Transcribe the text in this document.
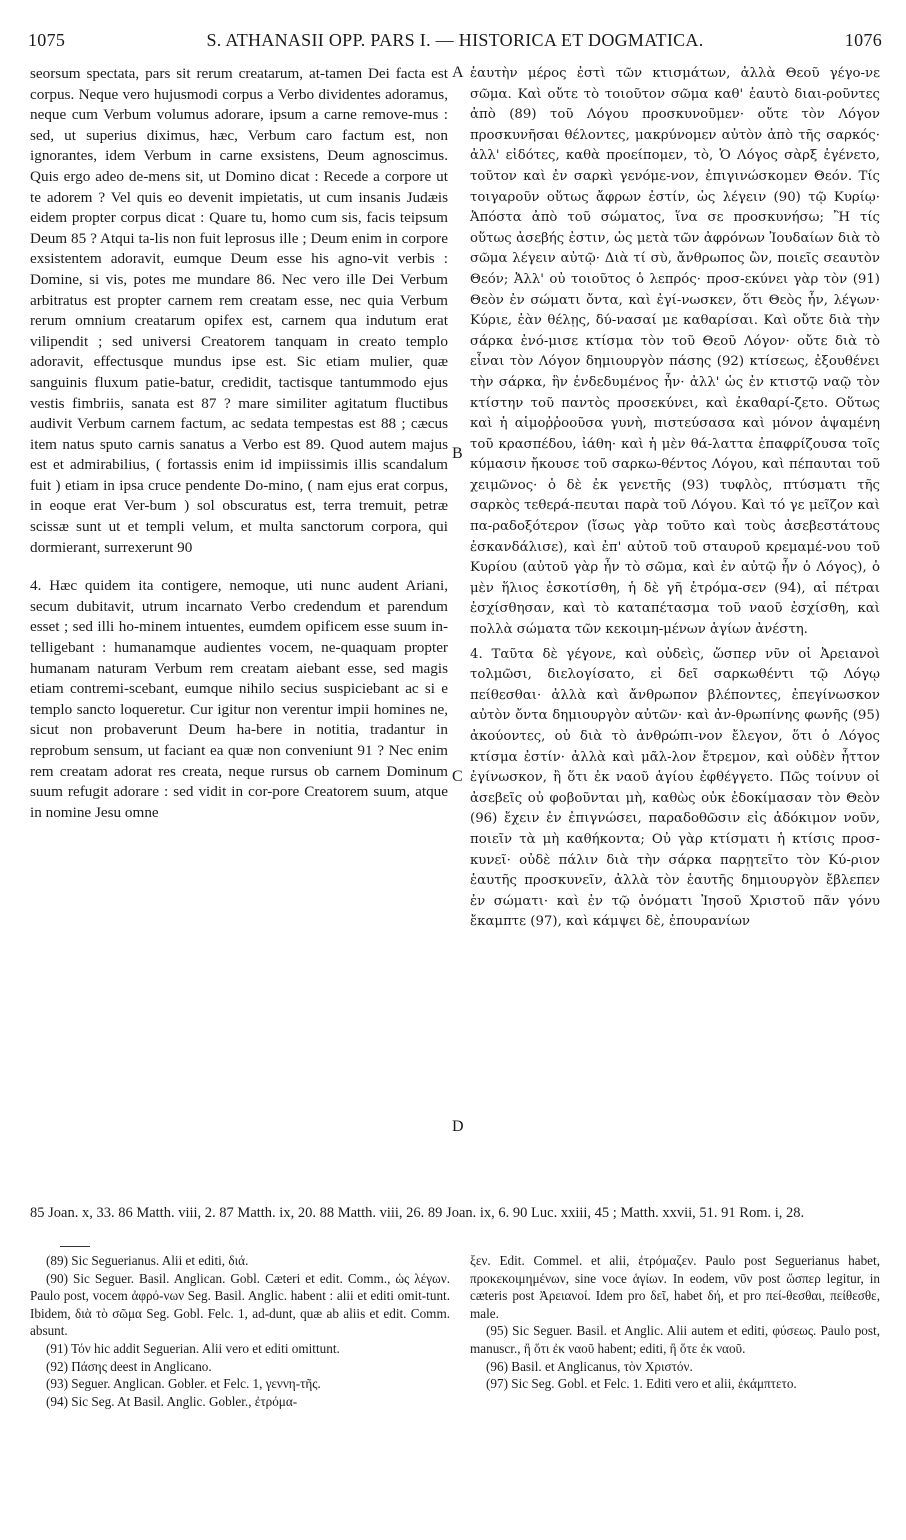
1075	S. ATHANASII OPP. PARS I. — HISTORICA ET DOGMATICA.	1076

seorsum spectata, pars sit rerum creatarum, at-tamen Dei facta est corpus. Neque vero hujusmodi corpus a Verbo dividentes adoramus, neque cum Verbum volumus adorare, ipsum a carne remove-mus : sed, ut superius diximus, hæc, Verbum caro factum est, non ignorantes, idem Verbum in carne exsistens, Deum agnoscimus. Quis ergo adeo de-mens sit, ut Domino dicat : Recede a corpore ut te adorem ? Vel quis eo devenit impietatis, ut cum insanis Judæis eidem propter corpus dicat : Quare tu, homo cum sis, facis teipsum Deum 85 ? Atqui ta-lis non fuit leprosus ille ; Deum enim in corpore exsistentem adoravit, eumque Deum esse his agno-vit verbis : Domine, si vis, potes me mundare 86. Nec vero ille Dei Verbum arbitratus est propter carnem rem creatam esse, nec quia Verbum rerum omnium creatarum opifex est, carnem qua indutum erat vilipendit ; sed universi Creatorem tanquam in creato templo adoravit, effectusque mundus ipse est. Sic etiam mulier, quæ sanguinis fluxum patie-batur, credidit, tactisque tantummodo ejus vestis fimbriis, sanata est 87 ? mare similiter agitatum fluctibus audivit Verbum carnem factum, ac sedata tempestas est 88 ; cæcus item natus sputo carnis sanatus a Verbo est 89. Quod autem majus est et admirabilius, ( fortassis enim id impiissimis illis scandalum fuit ) etiam in ipsa cruce pendente Do-mino, ( nam ejus erat corpus, in eoque erat Ver-bum ) sol obscuratus est, terra tremuit, petræ scissæ sunt ut et templi velum, et multa sanctorum corpora, qui dormierant, surrexerunt 90

4. Hæc quidem ita contigere, nemoque, uti nunc audent Ariani, secum dubitavit, utrum incarnato Verbo credendum et parendum esset ; sed illi ho-minem intuentes, eumdem opificem esse suum in-telligebant : humanamque audientes vocem, ne-quaquam propter humanam naturam Verbum rem creatam aiebant esse, sed magis etiam contremi-scebant, eumque nihilo secius suspiciebant ac si e templo sancto loqueretur. Cur igitur non verentur impii homines ne, sicut non probaverunt Deum ha-bere in notitia, tradantur in reprobum sensum, ut faciant ea quæ non conveniunt 91 ? Nec enim rem creatam adorat res creata, neque rursus ob carnem Dominum suum refugit adorare : sed vidit in cor-pore Creatorem suum, atque in nomine Jesu omne

A
B
C
D

ἑαυτὴν μέρος ἐστὶ τῶν κτισμάτων, ἀλλὰ Θεοῦ γέγο-νε σῶμα. Καὶ οὔτε τὸ τοιοῦτον σῶμα καθ' ἑαυτὸ διαι-ροῦντες ἀπὸ (89) τοῦ Λόγου προσκυνοῦμεν· οὔτε τὸν Λόγον προσκυνῆσαι θέλοντες, μακρύνομεν αὐτὸν ἀπὸ τῆς σαρκός· ἀλλ' εἰδότες, καθὰ προείπομεν, τὸ, Ὁ Λόγος σὰρξ ἐγένετο, τοῦτον καὶ ἐν σαρκὶ γενόμε-νον, ἐπιγινώσκομεν Θεόν. Τίς τοιγαροῦν οὕτως ἄφρων ἐστίν, ὡς λέγειν (90) τῷ Κυρίῳ· Ἀπόστα ἀπὸ τοῦ σώματος, ἵνα σε προσκυνήσω; Ἢ τίς οὕτως ἀσεβής ἐστιν, ὡς μετὰ τῶν ἀφρόνων Ἰουδαίων διὰ τὸ σῶμα λέγειν αὐτῷ· Διὰ τί σὺ, ἄνθρωπος ὢν, ποιεῖς σεαυτὸν Θεόν; Ἀλλ' οὐ τοιοῦτος ὁ λεπρός· προσ-εκύνει γὰρ τὸν (91) Θεὸν ἐν σώματι ὄντα, καὶ ἐγί-νωσκεν, ὅτι Θεὸς ἦν, λέγων· Κύριε, ἐὰν θέλῃς, δύ-νασαί με καθαρίσαι. Καὶ οὔτε διὰ τὴν σάρκα ἐνό-μισε κτίσμα τὸν τοῦ Θεοῦ Λόγον· οὔτε διὰ τὸ εἶναι τὸν Λόγον δημιουργὸν πάσης (92) κτίσεως, ἐξουθένει τὴν σάρκα, ἣν ἐνδεδυμένος ἦν· ἀλλ' ὡς ἐν κτιστῷ ναῷ τὸν κτίστην τοῦ παντὸς προσεκύνει, καὶ ἐκαθαρί-ζετο. Οὕτως καὶ ἡ αἱμοῤῥοοῦσα γυνὴ, πιστεύσασα καὶ μόνον ἁψαμένη τοῦ κρασπέδου, ἰάθη· καὶ ἡ μὲν θά-λαττα ἐπαφρίζουσα τοῖς κύμασιν ἤκουσε τοῦ σαρκω-θέντος Λόγου, καὶ πέπαυται τοῦ χειμῶνος· ὁ δὲ ἐκ γενετῆς (93) τυφλὸς, πτύσματι τῆς σαρκὸς τεθερά-πευται παρὰ τοῦ Λόγου. Καὶ τό γε μεῖζον καὶ πα-ραδοξότερον (ἴσως γὰρ τοῦτο καὶ τοὺς ἀσεβεστάτους ἐσκανδάλισε), καὶ ἐπ' αὐτοῦ τοῦ σταυροῦ κρεμαμέ-νου τοῦ Κυρίου (αὐτοῦ γὰρ ἦν τὸ σῶμα, καὶ ἐν αὐτῷ ἦν ὁ Λόγος), ὁ μὲν ἥλιος ἐσκοτίσθη, ἡ δὲ γῆ ἐτρόμα-σεν (94), αἱ πέτραι ἐσχίσθησαν, καὶ τὸ καταπέτασμα τοῦ ναοῦ ἐσχίσθη, καὶ πολλὰ σώματα τῶν κεκοιμη-μένων ἁγίων ἀνέστη.

4. Ταῦτα δὲ γέγονε, καὶ οὐδεὶς, ὥσπερ νῦν οἱ Ἀρειανοὶ τολμῶσι, διελογίσατο, εἰ δεῖ σαρκωθέντι τῷ Λόγῳ πείθεσθαι· ἀλλὰ καὶ ἄνθρωπον βλέποντες, ἐπεγίνωσκον αὐτὸν ὄντα δημιουργὸν αὐτῶν· καὶ ἀν-θρωπίνης φωνῆς (95) ἀκούοντες, οὐ διὰ τὸ ἀνθρώπι-νον ἔλεγον, ὅτι ὁ Λόγος κτίσμα ἐστίν· ἀλλὰ καὶ μᾶλ-λον ἔτρεμον, καὶ οὐδὲν ἧττον ἐγίνωσκον, ἢ ὅτι ἐκ ναοῦ ἁγίου ἐφθέγγετο. Πῶς τοίνυν οἱ ἀσεβεῖς οὐ φοβοῦνται μὴ, καθὼς οὐκ ἐδοκίμασαν τὸν Θεὸν (96) ἔχειν ἐν ἐπιγνώσει, παραδοθῶσιν εἰς ἀδόκιμον νοῦν, ποιεῖν τὰ μὴ καθήκοντα; Οὐ γὰρ κτίσματι ἡ κτίσις προσ-κυνεῖ· οὐδὲ πάλιν διὰ τὴν σάρκα παρῃτεῖτο τὸν Κύ-ριον ἑαυτῆς προσκυνεῖν, ἀλλὰ τὸν ἑαυτῆς δημιουργὸν ἔβλεπεν ἐν σώματι· καὶ ἐν τῷ ὀνόματι Ἰησοῦ Χριστοῦ πᾶν γόνυ ἔκαμπτε (97), καὶ κάμψει δὲ, ἐπουρανίων

85 Joan. x, 33. 86 Matth. viii, 2. 87 Matth. ix, 20. 88 Matth. viii, 26. 89 Joan. ix, 6. 90 Luc. xxiii, 45 ; Matth. xxvii, 51. 91 Rom. i, 28.

(89) Sic Seguerianus. Alii et editi, διά.

(90) Sic Seguer. Basil. Anglican. Gobl. Cæteri et edit. Comm., ὡς λέγων. Paulo post, vocem ἀφρό-νων Seg. Basil. Anglic. habent : alii et editi omit-tunt. Ibidem, διὰ τὸ σῶμα Seg. Gobl. Felc. 1, ad-dunt, quæ ab aliis et edit. Comm. absunt.

(91) Τόν hic addit Seguerian. Alii vero et editi omittunt.

(92) Πάσης deest in Anglicano.

(93) Seguer. Anglican. Gobler. et Felc. 1, γεννη-τῆς.

(94) Sic Seg. At Basil. Anglic. Gobler., ἐτρόμα-

ξεν. Edit. Commel. et alii, ἐτρόμαζεν. Paulo post Seguerianus habet, προκεκοιμημένων, sine voce ἁγίων. In eodem, νῦν post ὥσπερ legitur, in cæteris post Ἀρειανοί. Idem pro δεῖ, habet δή, et pro πεί-θεσθαι, πείθεσθε, male.

(95) Sic Seguer. Basil. et Anglic. Alii autem et editi, φύσεως. Paulo post, manuscr., ἢ ὅτι ἐκ ναοῦ habent; editi, ἢ ὅτε ἐκ ναοῦ.

(96) Basil. et Anglicanus, τὸν Χριστόν.

(97) Sic Seg. Gobl. et Felc. 1. Editi vero et alii, ἐκάμπτετο.
